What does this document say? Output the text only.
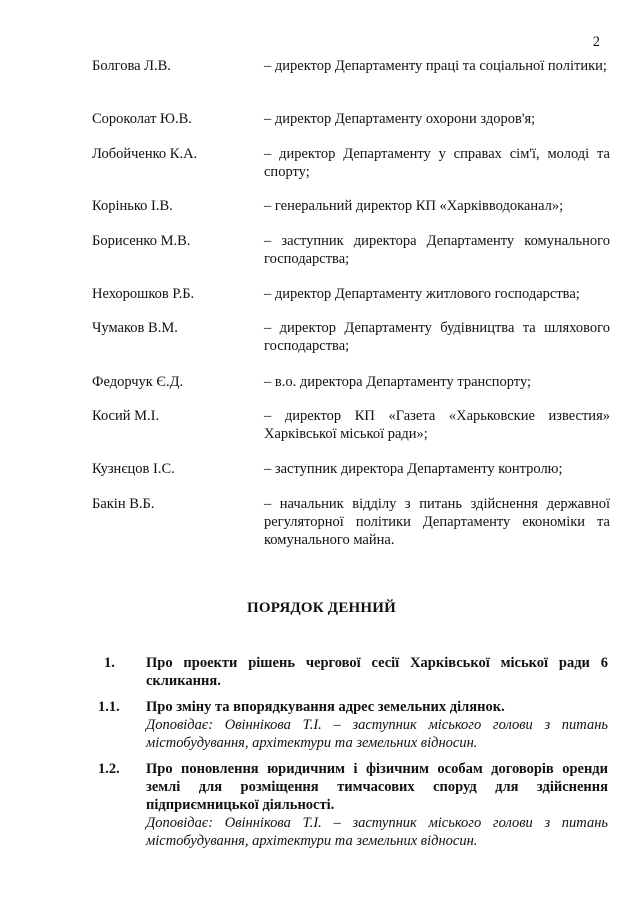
2
Болгова Л.В.	– директор Департаменту праці та соціальної політики;
Сороколат Ю.В.	– директор Департаменту охорони здоров'я;
Лобойченко К.А.	– директор Департаменту у справах сім'ї, молоді та спорту;
Корінько І.В.	– генеральний директор КП «Харківводоканал»;
Борисенко М.В.	– заступник директора Департаменту комунального господарства;
Нехорошков Р.Б.	– директор Департаменту житлового господарства;
Чумаков В.М.	– директор Департаменту будівництва та шляхового господарства;
Федорчук Є.Д.	– в.о. директора Департаменту транспорту;
Косий М.І.	– директор КП «Газета «Харьковские известия» Харківської міської ради»;
Кузнєцов І.С.	– заступник директора Департаменту контролю;
Бакін В.Б.	– начальник відділу з питань здійснення державної регуляторної політики Департаменту економіки та комунального майна.
ПОРЯДОК ДЕННИЙ
1.	Про проекти рішень чергової сесії Харківської міської ради 6 скликання.
1.1.	Про зміну та впорядкування адрес земельних ділянок.
Доповідає: Овіннікова Т.І. – заступник міського голови з питань містобудування, архітектури та земельних відносин.
1.2.	Про поновлення юридичним і фізичним особам договорів оренди землі для розміщення тимчасових споруд для здійснення підприємницької діяльності.
Доповідає: Овіннікова Т.І. – заступник міського голови з питань містобудування, архітектури та земельних відносин.
